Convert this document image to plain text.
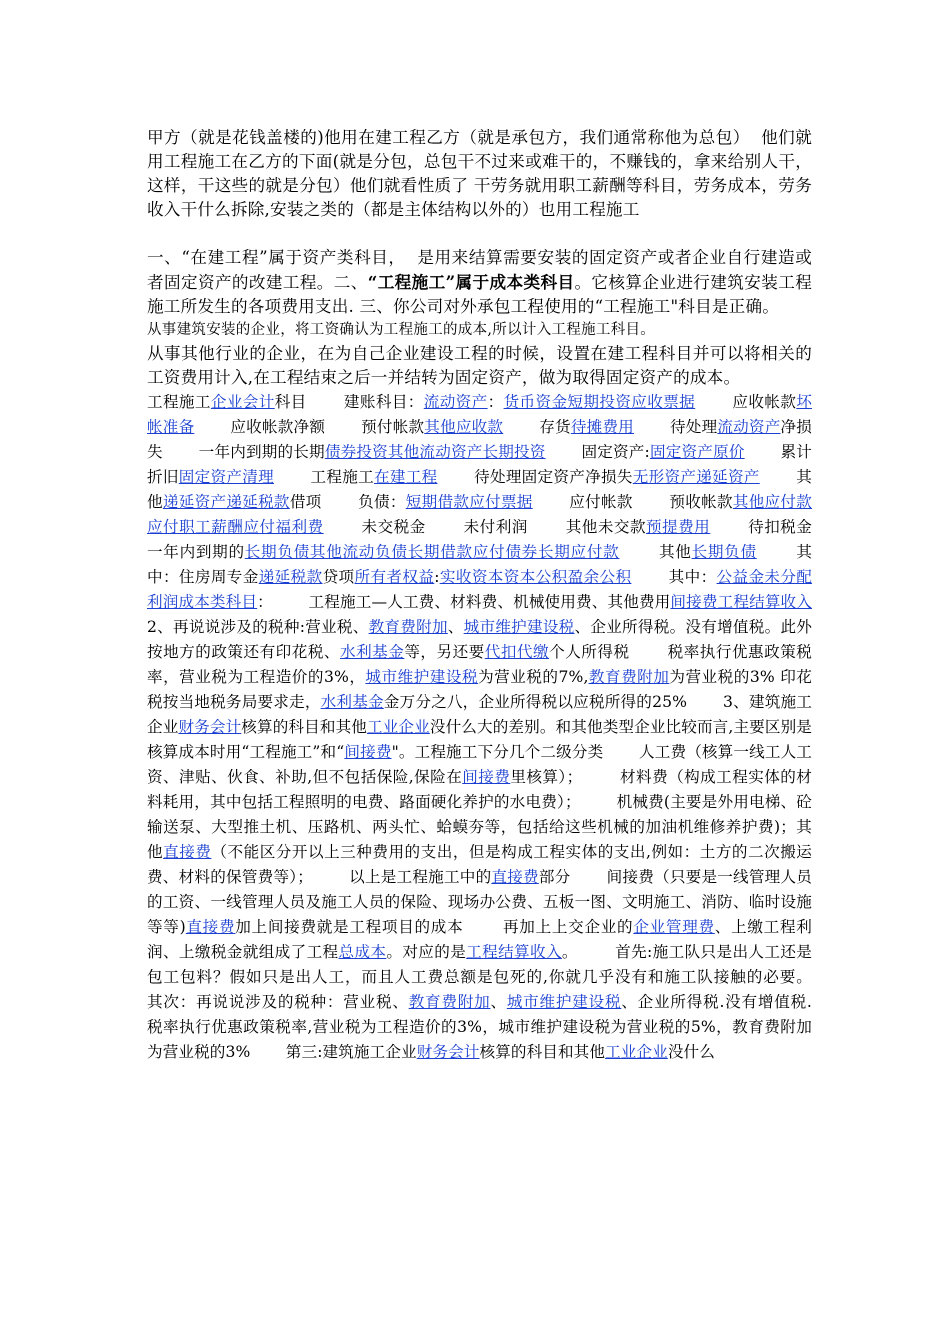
甲方（就是花钱盖楼的)他用在建工程乙方（就是承包方，我们通常称他为总包）  他们就用工程施工在乙方的下面(就是分包，总包干不过来或难干的，不赚钱的，拿来给别人干，这样，干这些的就是分包）他们就看性质了 干劳务就用职工薪酬等科目，劳务成本，劳务收入干什么拆除,安装之类的（都是主体结构以外的）也用工程施工

一、“在建工程”属于资产类科目，  是用来结算需要安装的固定资产或者企业自行建造或者固定资产的改建工程。二、“工程施工”属于成本类科目。它核算企业进行建筑安装工程施工所发生的各项费用支出. 三、你公司对外承包工程使用的“工程施工"科目是正确。

从事建筑安装的企业，将工资确认为工程施工的成本,所以计入工程施工科目。

从事其他行业的企业，在为自己企业建设工程的时候，设置在建工程科目并可以将相关的工资费用计入,在工程结束之后一并结转为固定资产，做为取得固定资产的成本。

工程施工企业会计科目       建账科目：流动资产：货币资金短期投资应收票据       应收帐款坏帐准备       应收帐款净额       预付帐款其他应收款       存货待摊费用       待处理流动资产净损失       一年内到期的长期债券投资其他流动资产长期投资       固定资产:固定资产原价       累计折旧固定资产清理       工程施工在建工程       待处理固定资产净损失无形资产递延资产       其他递延资产递延税款借项       负债：短期借款应付票据       应付帐款       预收帐款其他应付款应付职工薪酬应付福利费       未交税金       未付利润       其他未交款预提费用       待扣税金       一年内到期的长期负债其他流动负债长期借款应付债券长期应付款       其他长期负债       其中：住房周专金递延税款贷项所有者权益:实收资本资本公积盈余公积       其中：公益金未分配利润成本类科目：       工程施工—人工费、材料费、机械使用费、其他费用间接费工程结算收入       2、再说说涉及的税种:营业税、教育费附加、城市维护建设税、企业所得税。没有增值税。此外按地方的政策还有印花税、水利基金等，另还要代扣代缴个人所得税       税率执行优惠政策税率，营业税为工程造价的3%，城市维护建设税为营业税的7%,教育费附加为营业税的3% 印花税按当地税务局要求走，水利基金金万分之八，企业所得税以应税所得的25%       3、建筑施工企业财务会计核算的科目和其他工业企业没什么大的差别。和其他类型企业比较而言,主要区别是核算成本时用“工程施工”和“间接费"。工程施工下分几个二级分类       人工费（核算一线工人工资、津贴、伙食、补助,但不包括保险,保险在间接费里核算）；       材料费（构成工程实体的材料耗用，其中包括工程照明的电费、路面硬化养护的水电费）；       机械费(主要是外用电梯、砼输送泵、大型推土机、压路机、两头忙、蛤蟆夯等，包括给这些机械的加油机维修养护费)；其他直接费（不能区分开以上三种费用的支出，但是构成工程实体的支出,例如：土方的二次搬运费、材料的保管费等）；       以上是工程施工中的直接费部分       间接费（只要是一线管理人员的工资、一线管理人员及施工人员的保险、现场办公费、五板一图、文明施工、消防、临时设施等等)直接费加上间接费就是工程项目的成本       再加上上交企业的企业管理费、上缴工程利润、上缴税金就组成了工程总成本。对应的是工程结算收入。       首先:施工队只是出人工还是包工包料？假如只是出人工，而且人工费总额是包死的,你就几乎没有和施工队接触的必要。       其次：再说说涉及的税种：营业税、教育费附加、城市维护建设税、企业所得税.没有增值税.       税率执行优惠政策税率,营业税为工程造价的3%，城市维护建设税为营业税的5%，教育费附加为营业税的3%       第三:建筑施工企业财务会计核算的科目和其他工业企业没什么
